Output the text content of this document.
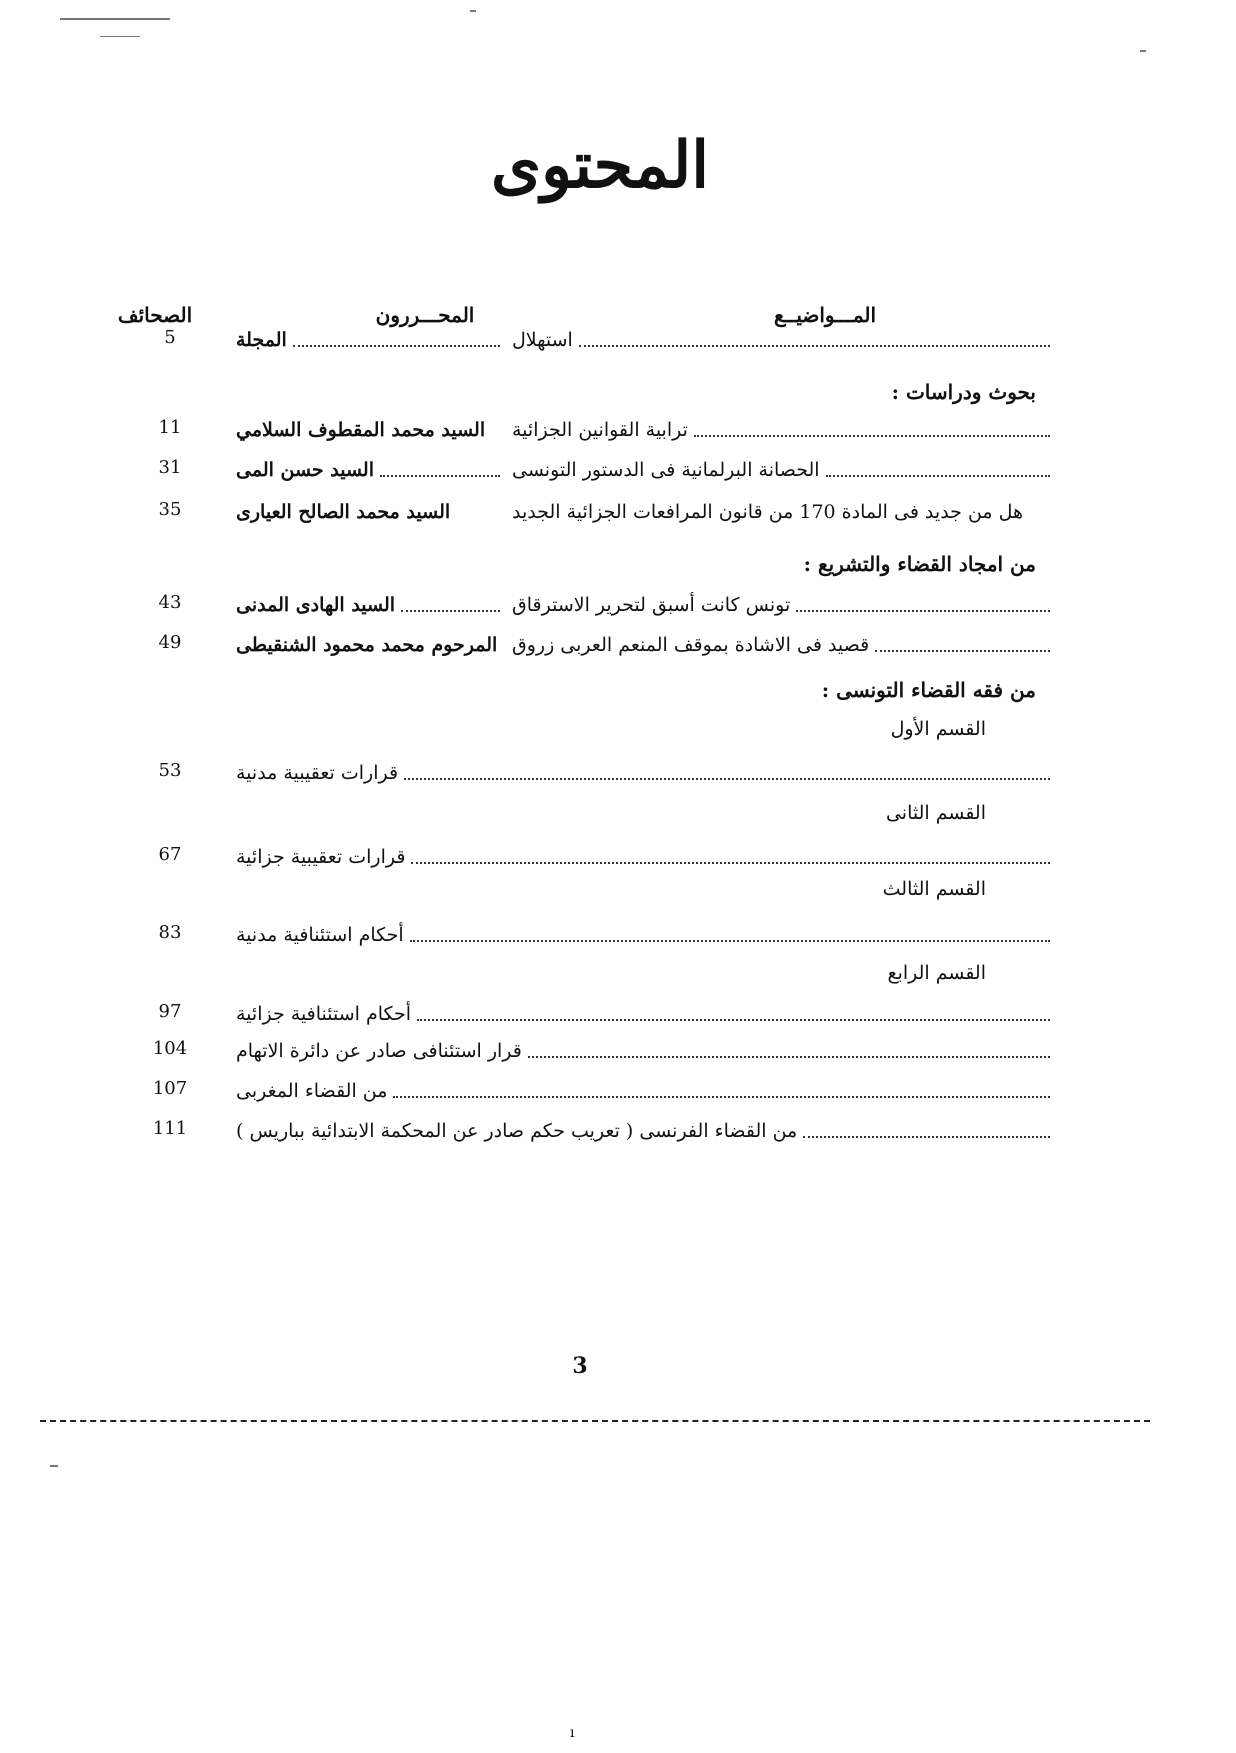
المحتوى
المـــواضيــع
المحـــررون
الصحائف
استهلال
المجلة
5
بحوث ودراسات :
ترابية القوانين الجزائية
السيد محمد المقطوف السلامي
11
الحصانة البرلمانية فى الدستور التونسى
السيد حسن المى
31
هل من جديد فى المادة 170 من قانون المرافعات الجزائية الجديد
السيد محمد الصالح العيارى
35
من امجاد القضاء والتشريع :
تونس كانت أسبق لتحرير الاسترقاق
السيد الهادى المدنى
43
قصيد فى الاشادة بموقف المنعم العربى زروق
المرحوم محمد محمود الشنقيطى
49
من فقه القضاء التونسى :
القسم الأول
قرارات تعقيبية مدنية
53
القسم الثانى
قرارات تعقيبية جزائية
67
القسم الثالث
أحكام استئنافية مدنية
83
القسم الرابع
أحكام استئنافية جزائية
97
قرار استئنافى صادر عن دائرة الاتهام
104
من القضاء المغربى
107
من القضاء الفرنسى ( تعريب حكم صادر عن المحكمة الابتدائية بباريس )
111
3
ı
